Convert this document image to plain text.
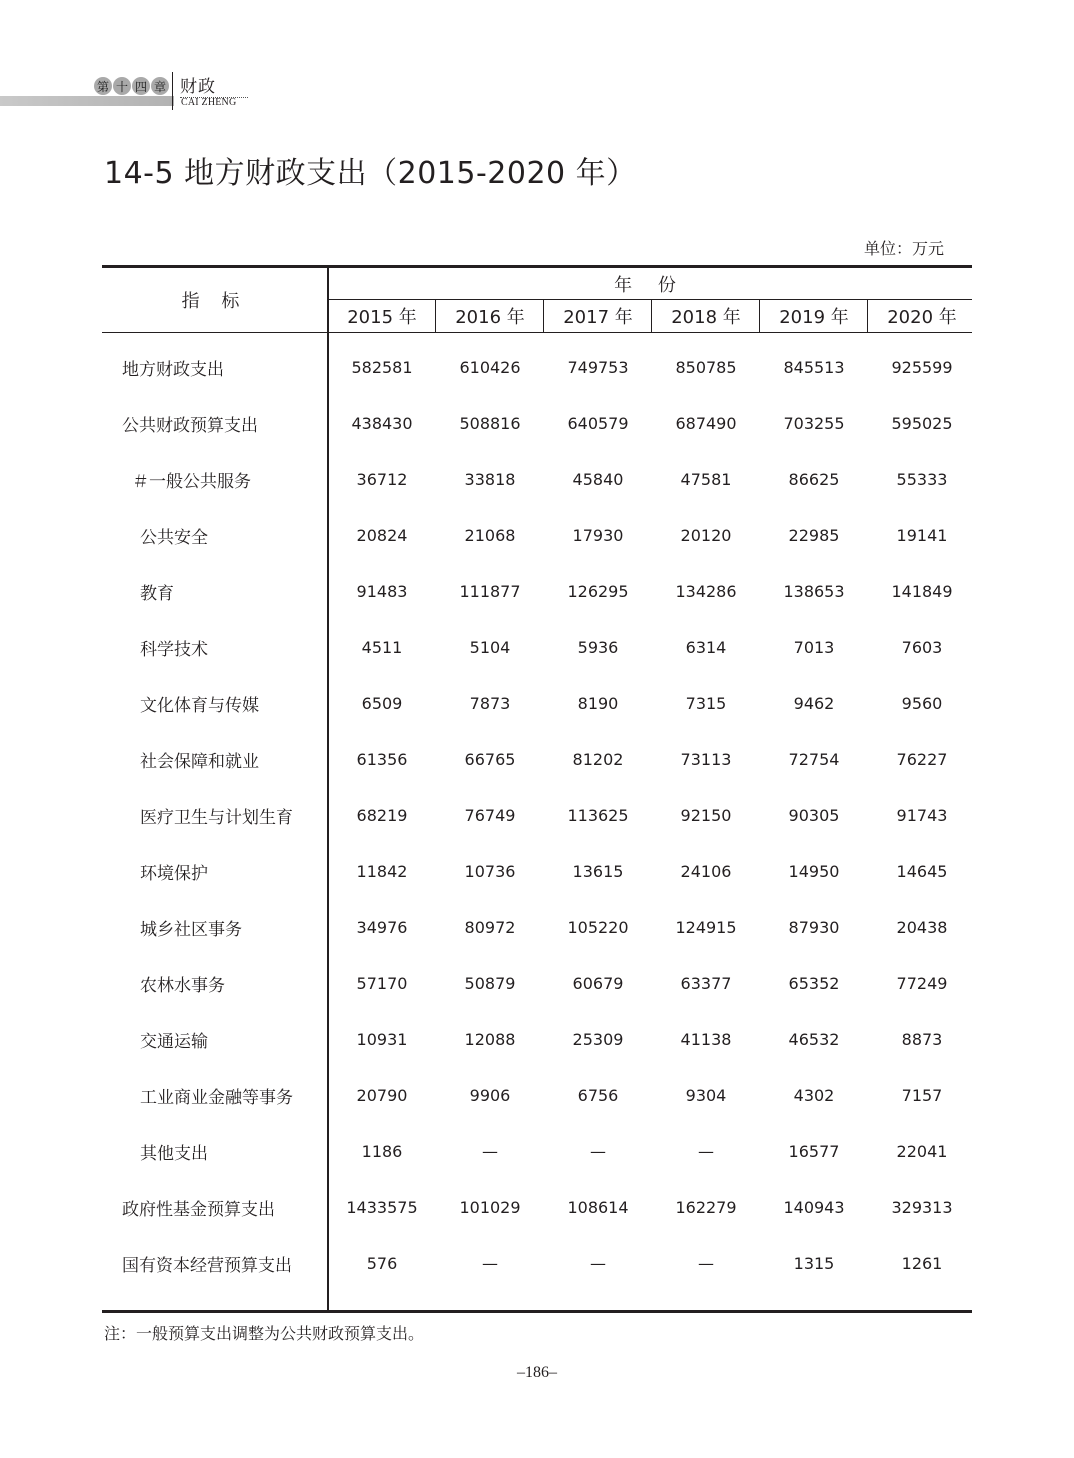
第 十 四 章 财政
CAI ZHENG
14-5 地方财政支出（2015-2020 年）
单位：万元
指 标
年 份
2015 年	2016 年	2017 年	2018 年	2019 年	2020 年
地方财政支出	582581	610426	749753	850785	845513	925599
公共财政预算支出	438430	508816	640579	687490	703255	595025
＃一般公共服务	36712	33818	45840	47581	86625	55333
公共安全	20824	21068	17930	20120	22985	19141
教育	91483	111877	126295	134286	138653	141849
科学技术	4511	5104	5936	6314	7013	7603
文化体育与传媒	6509	7873	8190	7315	9462	9560
社会保障和就业	61356	66765	81202	73113	72754	76227
医疗卫生与计划生育	68219	76749	113625	92150	90305	91743
环境保护	11842	10736	13615	24106	14950	14645
城乡社区事务	34976	80972	105220	124915	87930	20438
农林水事务	57170	50879	60679	63377	65352	77249
交通运输	10931	12088	25309	41138	46532	8873
工业商业金融等事务	20790	9906	6756	9304	4302	7157
其他支出	1186	—	—	—	16577	22041
政府性基金预算支出	1433575	101029	108614	162279	140943	329313
国有资本经营预算支出	576	—	—	—	1315	1261
注：一般预算支出调整为公共财政预算支出。
–186–
